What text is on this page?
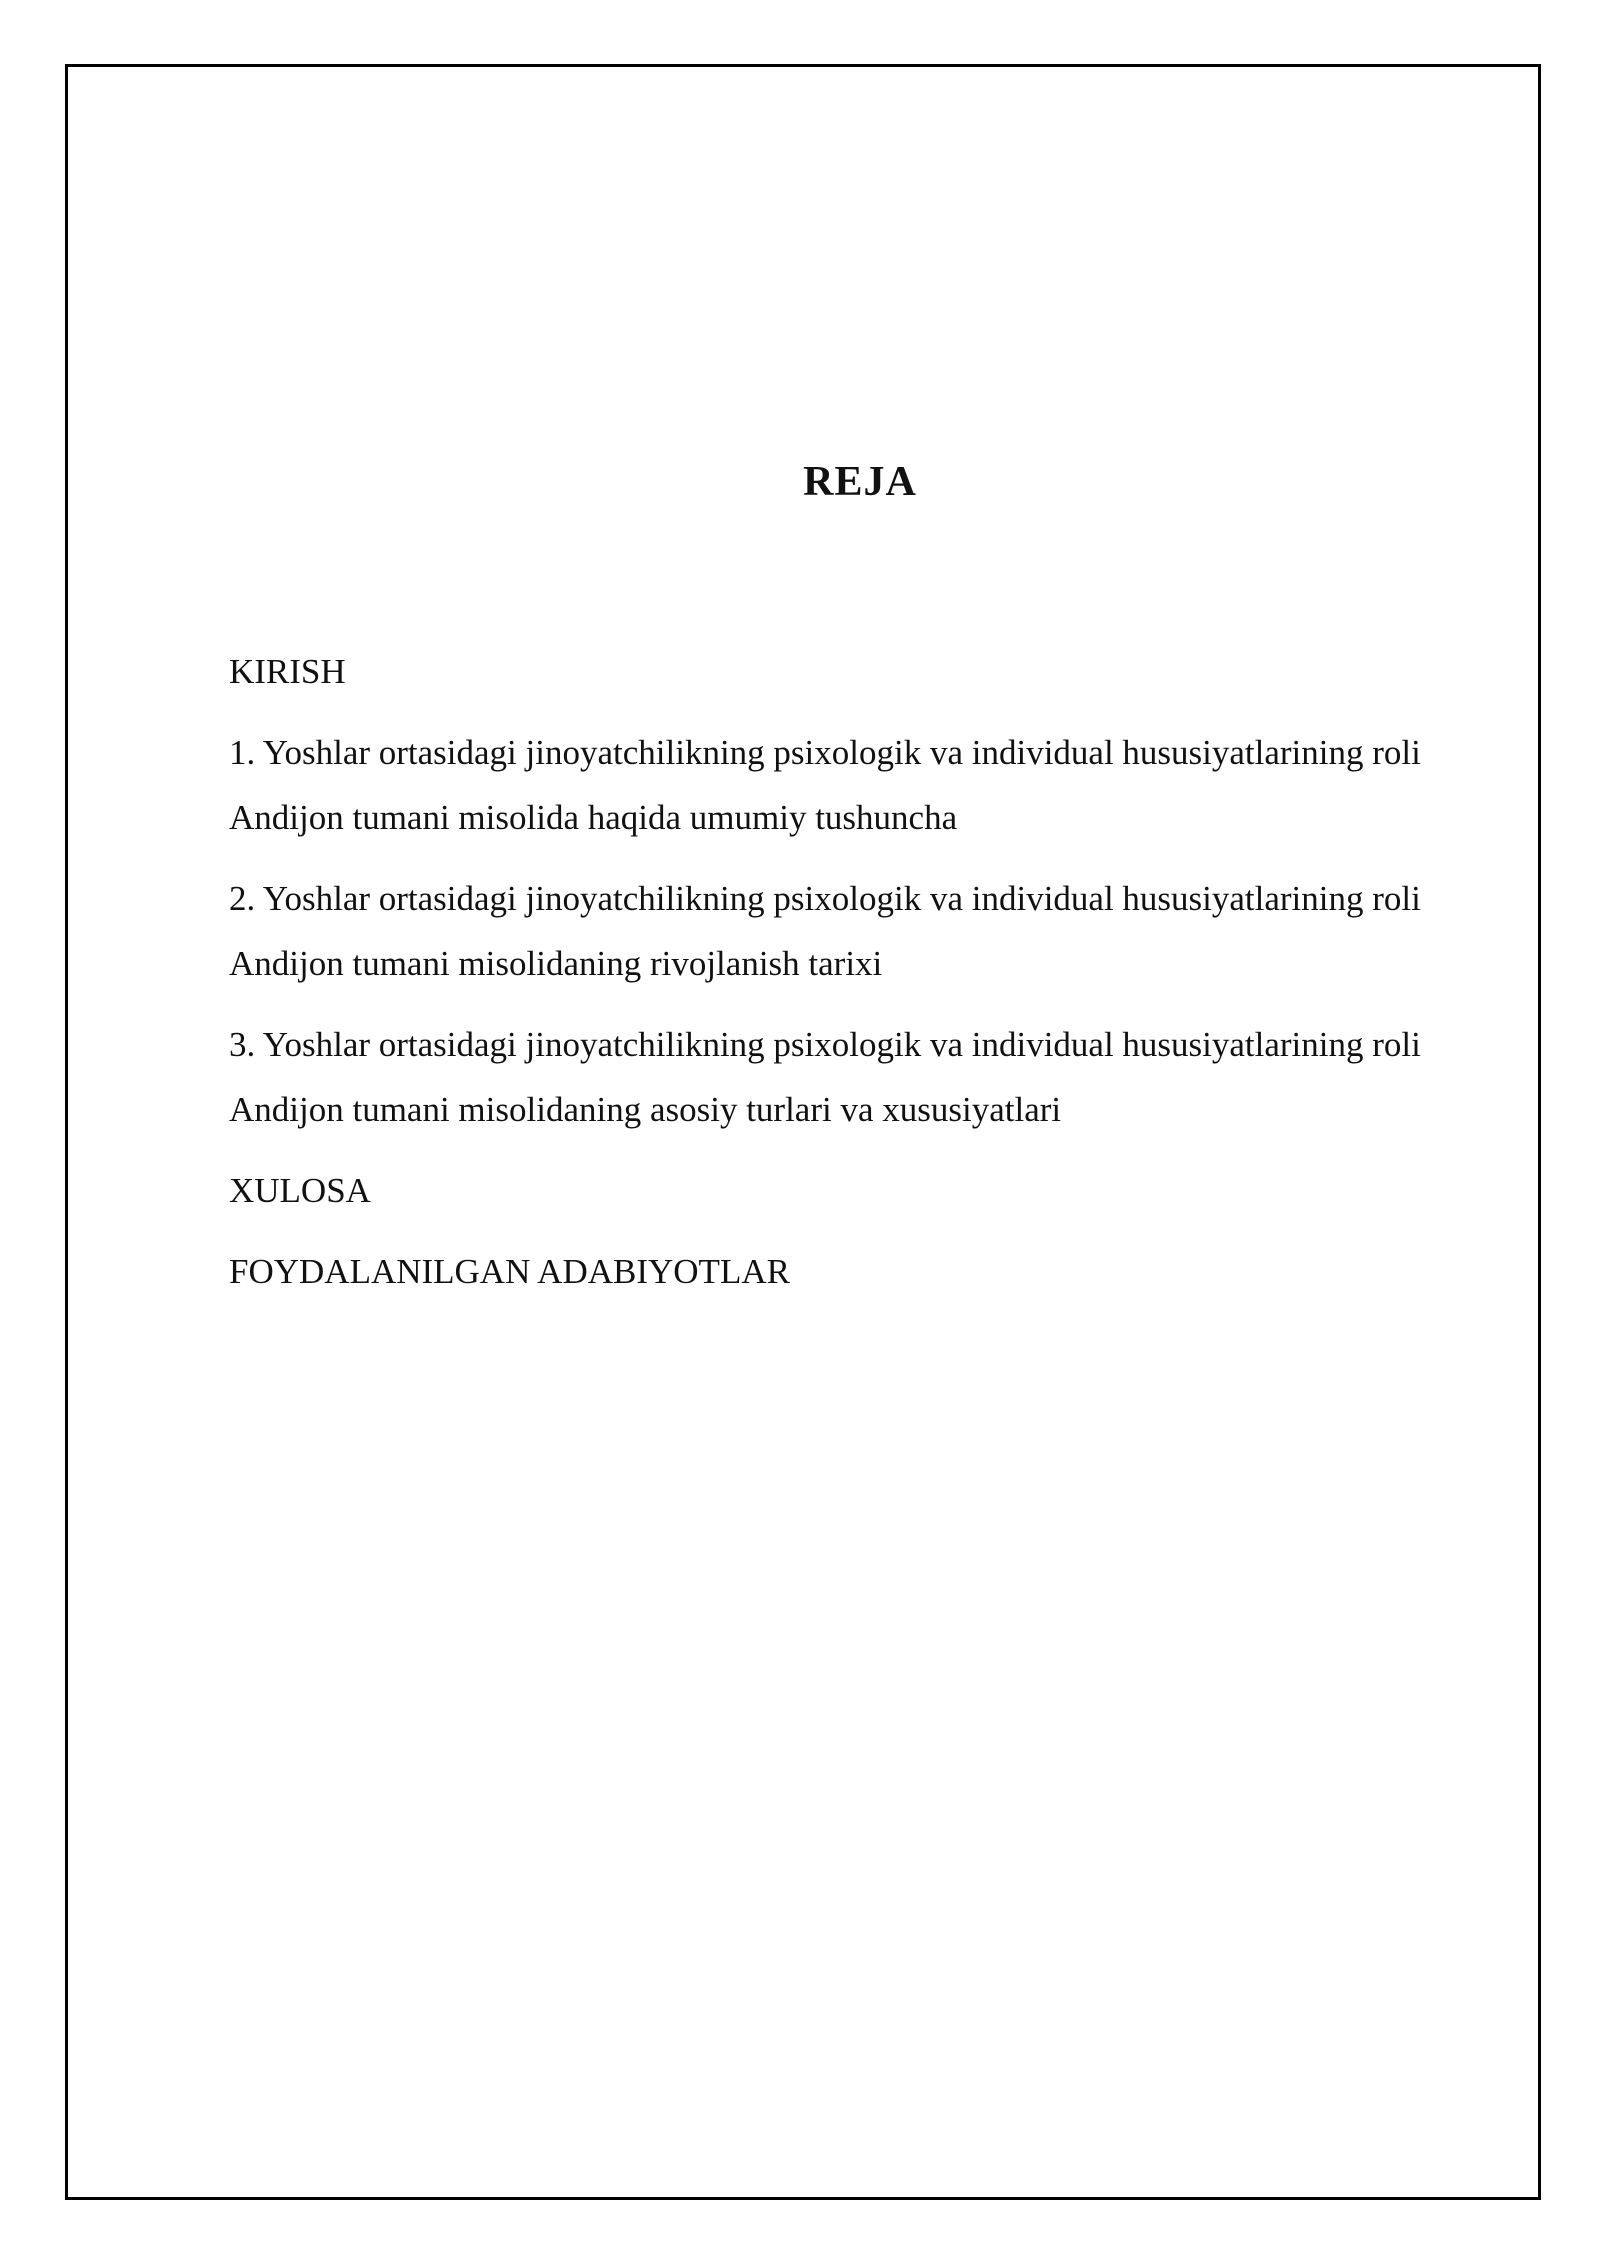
REJA
KIRISH
1. Yoshlar ortasidagi jinoyatchilikning psixologik va individual hususiyatlarining roli Andijon tumani misolida haqida umumiy tushuncha
2. Yoshlar ortasidagi jinoyatchilikning psixologik va individual hususiyatlarining roli Andijon tumani misolidaning rivojlanish tarixi
3. Yoshlar ortasidagi jinoyatchilikning psixologik va individual hususiyatlarining roli Andijon tumani misolidaning asosiy turlari va xususiyatlari
XULOSA
FOYDALANILGAN ADABIYOTLAR
